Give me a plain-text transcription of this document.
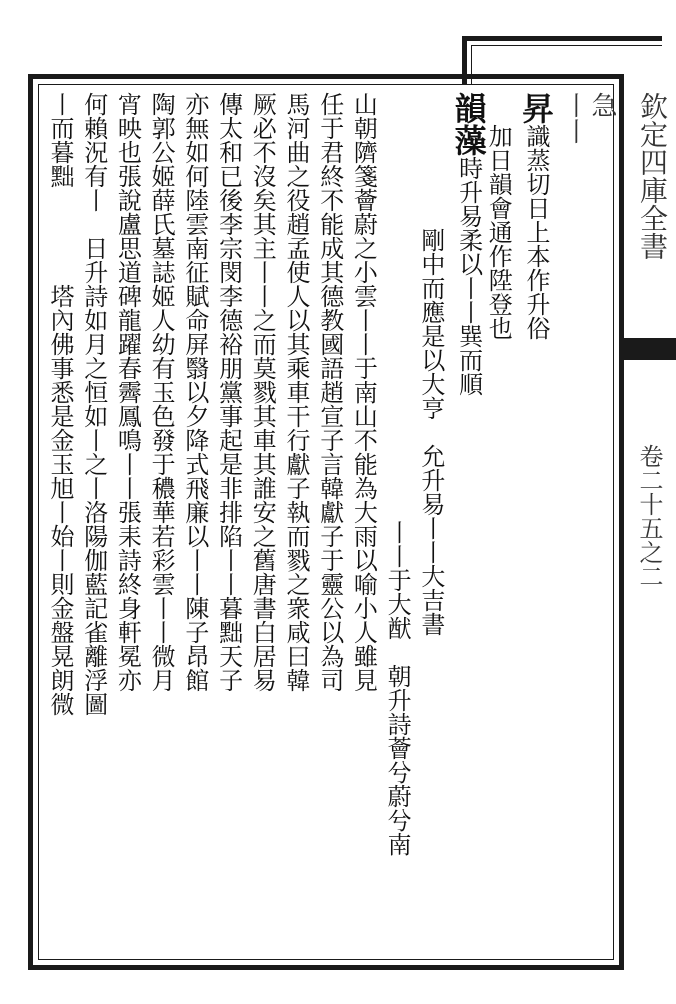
欽定四庫全書
卷二十五之二
急
丨丨
昇識蒸切日上本作升俗
加日韻會通作陞登也
韻藻時升易柔以丨丨巽而順
剛中而應是以大亨　允升易丨丨大吉書
丨丨于大猷　朝升詩薈兮蔚兮南
山朝隮箋薈蔚之小雲丨丨于南山不能為大雨以喻小人雖見
任于君終不能成其德教國語趙宣子言韓獻子于靈公以為司
馬河曲之役趙孟使人以其乘車干行獻子執而戮之衆咸曰韓
厥必不沒矣其主丨丨之而莫戮其車其誰安之舊唐書白居易
傳太和已後李宗閔李德裕朋黨事起是非排陷丨丨暮黜天子
亦無如何陸雲南征賦命屏翳以夕降式飛廉以丨丨陳子昂館
陶郭公姬薛氏墓誌姬人幼有玉色發于穠華若彩雲丨丨微月
宵映也張說盧思道碑龍躍春霽鳳鳴丨丨張耒詩終身軒冕亦
何賴況有丨　日升詩如月之恒如丨之丨洛陽伽藍記雀離浮圖
丨而暮黜　　　　塔內佛事悉是金玉旭丨始丨則金盤晃朗微
